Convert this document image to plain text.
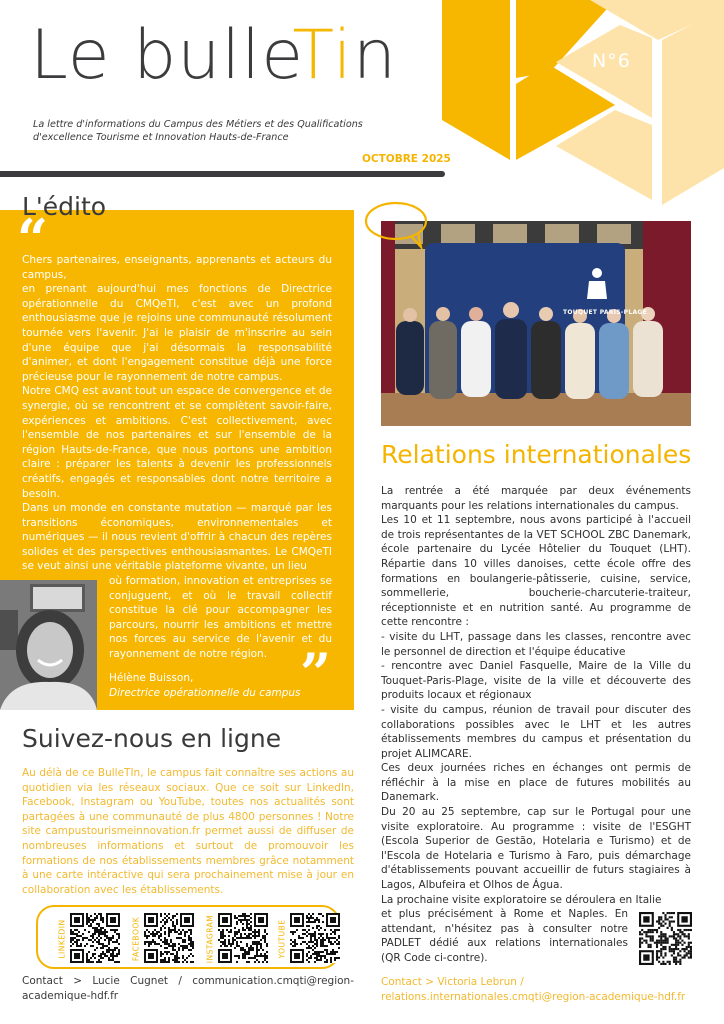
N°6
Le bulleTin
La lettre d'informations du Campus des Métiers et des Qualifications d'excellence Tourisme et Innovation Hauts-de-France
OCTOBRE 2025
L'édito
“

Chers partenaires, enseignants, apprenants et acteurs du campus,

en prenant aujourd'hui mes fonctions de Directrice opérationnelle du CMQeTI, c'est avec un profond enthousiasme que je rejoins une communauté résolument tournée vers l'avenir. J'ai le plaisir de m'inscrire au sein d'une équipe que j'ai désormais la responsabilité d'animer, et dont l'engagement constitue déjà une force précieuse pour le rayonnement de notre campus.

Notre CMQ est avant tout un espace de convergence et de synergie, où se rencontrent et se complètent savoir-faire, expériences et ambitions. C'est collectivement, avec l'ensemble de nos partenaires et sur l'ensemble de la région Hauts-de-France, que nous portons une ambition claire : préparer les talents à devenir les professionnels créatifs, engagés et responsables dont notre territoire a besoin.

Dans un monde en constante mutation — marqué par les transitions économiques, environnementales et numériques — il nous revient d'offrir à chacun des repères solides et des perspectives enthousiasmantes. Le CMQeTI se veut ainsi une véritable plateforme vivante, un lieu

où formation, innovation et entreprises se conjuguent, et où le travail collectif constitue la clé pour accompagner les parcours, nourrir les ambitions et mettre nos forces au service de l'avenir et du rayonnement de notre région. ”
Hélène Buisson,
Directrice opérationnelle du campus
Suivez-nous en ligne
Au délà de ce BulleTIn, le campus fait connaître ses actions au quotidien via les réseaux sociaux. Que ce soit sur LinkedIn, Facebook, Instagram ou YouTube, toutes nos actualités sont partagées à une communauté de plus 4800 personnes ! Notre site campustourismeinnovation.fr permet aussi de diffuser de nombreuses informations et surtout de promouvoir les formations de nos établissements membres grâce notamment à une carte intéractive qui sera prochainement mise à jour en collaboration avec les établissements.
LINKEDIN	FACEBOOK	INSTAGRAM	YOUTUBE
Contact > Lucie Cugnet / communication.cmqti@region-academique-hdf.fr
TOUQUET PARIS-PLAGE
Relations internationales

La rentrée a été marquée par deux événements marquants pour les relations internationales du campus.

Les 10 et 11 septembre, nous avons participé à l'accueil de trois représentantes de la VET SCHOOL ZBC Danemark, école partenaire du Lycée Hôtelier du Touquet (LHT). Répartie dans 10 villes danoises, cette école offre des formations en boulangerie-pâtisserie, cuisine, service, sommellerie, boucherie-charcuterie-traiteur, réceptionniste et en nutrition santé. Au programme de cette rencontre :

- visite du LHT, passage dans les classes, rencontre avec le personnel de direction et l'équipe éducative

- rencontre avec Daniel Fasquelle, Maire de la Ville du Touquet-Paris-Plage, visite de la ville et découverte des produits locaux et régionaux

- visite du campus, réunion de travail pour discuter des collaborations possibles avec le LHT et les autres établissements membres du campus et présentation du projet ALIMCARE.

Ces deux journées riches en échanges ont permis de réfléchir à la mise en place de futures mobilités au Danemark.

Du 20 au 25 septembre, cap sur le Portugal pour une visite exploratoire. Au programme : visite de l'ESGHT (Escola Superior de Gestão, Hotelaria e Turismo) et de l'Escola de Hotelaria e Turismo à Faro, puis démarchage d'établissements pouvant accueillir de futurs stagiaires à Lagos, Albufeira et Olhos de Água.

La prochaine visite exploratoire se déroulera en Italie

et plus précisément à Rome et Naples. En attendant, n'hésitez pas à consulter notre PADLET dédié aux relations internationales (QR Code ci-contre).

Contact > Victoria Lebrun / relations.internationales.cmqti@region-academique-hdf.fr
